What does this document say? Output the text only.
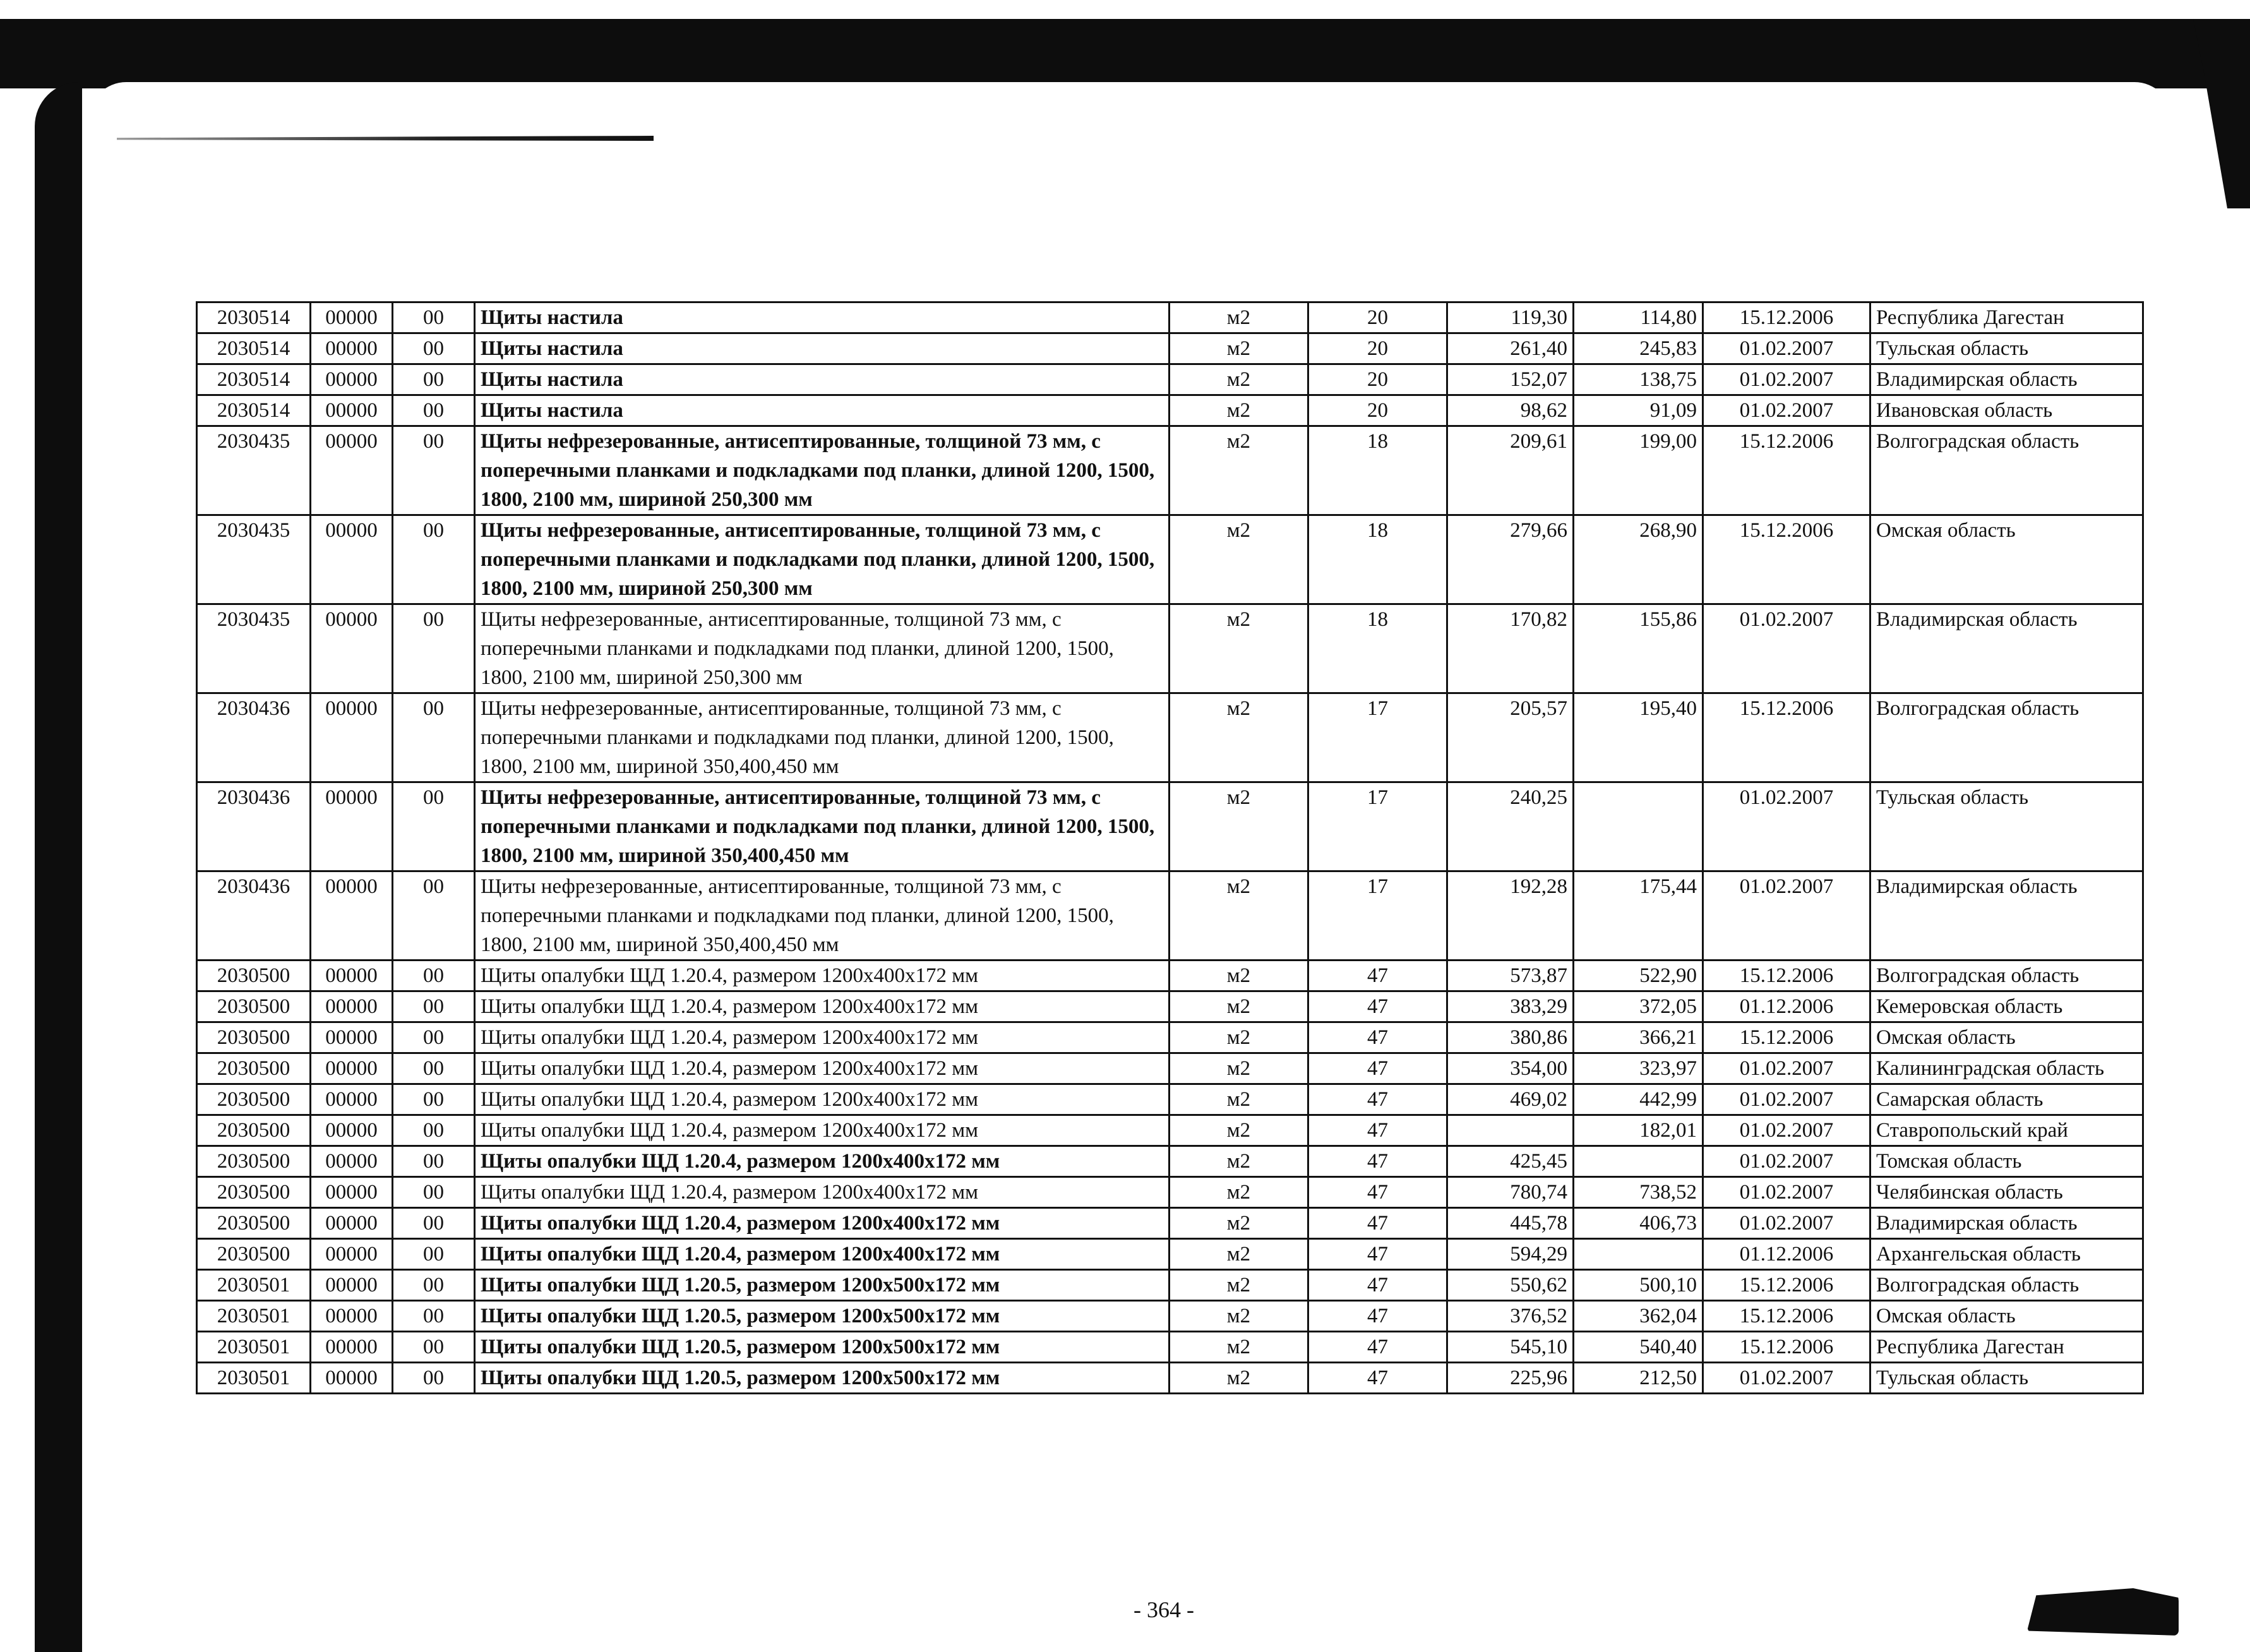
2030514	00000	00	Щиты настила	м2	20	119,30	114,80	15.12.2006	Республика Дагестан
2030514	00000	00	Щиты настила	м2	20	261,40	245,83	01.02.2007	Тульская область
2030514	00000	00	Щиты настила	м2	20	152,07	138,75	01.02.2007	Владимирская область
2030514	00000	00	Щиты настила	м2	20	98,62	91,09	01.02.2007	Ивановская область
2030435	00000	00	Щиты нефрезерованные, антисептированные, толщиной 73 мм, с поперечными планками и подкладками под планки, длиной 1200, 1500, 1800, 2100 мм, шириной 250,300 мм	м2	18	209,61	199,00	15.12.2006	Волгоградская область
2030435	00000	00	Щиты нефрезерованные, антисептированные, толщиной 73 мм, с поперечными планками и подкладками под планки, длиной 1200, 1500, 1800, 2100 мм, шириной 250,300 мм	м2	18	279,66	268,90	15.12.2006	Омская область
2030435	00000	00	Щиты нефрезерованные, антисептированные, толщиной 73 мм, с поперечными планками и подкладками под планки, длиной 1200, 1500, 1800, 2100 мм, шириной 250,300 мм	м2	18	170,82	155,86	01.02.2007	Владимирская область
2030436	00000	00	Щиты нефрезерованные, антисептированные, толщиной 73 мм, с поперечными планками и подкладками под планки, длиной 1200, 1500, 1800, 2100 мм, шириной 350,400,450 мм	м2	17	205,57	195,40	15.12.2006	Волгоградская область
2030436	00000	00	Щиты нефрезерованные, антисептированные, толщиной 73 мм, с поперечными планками и подкладками под планки, длиной 1200, 1500, 1800, 2100 мм, шириной 350,400,450 мм	м2	17	240,25		01.02.2007	Тульская область
2030436	00000	00	Щиты нефрезерованные, антисептированные, толщиной 73 мм, с поперечными планками и подкладками под планки, длиной 1200, 1500, 1800, 2100 мм, шириной 350,400,450 мм	м2	17	192,28	175,44	01.02.2007	Владимирская область
2030500	00000	00	Щиты опалубки ЩД 1.20.4, размером 1200х400х172 мм	м2	47	573,87	522,90	15.12.2006	Волгоградская область
2030500	00000	00	Щиты опалубки ЩД 1.20.4, размером 1200х400х172 мм	м2	47	383,29	372,05	01.12.2006	Кемеровская область
2030500	00000	00	Щиты опалубки ЩД 1.20.4, размером 1200х400х172 мм	м2	47	380,86	366,21	15.12.2006	Омская область
2030500	00000	00	Щиты опалубки ЩД 1.20.4, размером 1200х400х172 мм	м2	47	354,00	323,97	01.02.2007	Калининградская область
2030500	00000	00	Щиты опалубки ЩД 1.20.4, размером 1200х400х172 мм	м2	47	469,02	442,99	01.02.2007	Самарская область
2030500	00000	00	Щиты опалубки ЩД 1.20.4, размером 1200х400х172 мм	м2	47		182,01	01.02.2007	Ставропольский край
2030500	00000	00	Щиты опалубки ЩД 1.20.4, размером 1200х400х172 мм	м2	47	425,45		01.02.2007	Томская область
2030500	00000	00	Щиты опалубки ЩД 1.20.4, размером 1200х400х172 мм	м2	47	780,74	738,52	01.02.2007	Челябинская область
2030500	00000	00	Щиты опалубки ЩД 1.20.4, размером 1200х400х172 мм	м2	47	445,78	406,73	01.02.2007	Владимирская область
2030500	00000	00	Щиты опалубки ЩД 1.20.4, размером 1200х400х172 мм	м2	47	594,29		01.12.2006	Архангельская область
2030501	00000	00	Щиты опалубки ЩД 1.20.5, размером 1200х500х172 мм	м2	47	550,62	500,10	15.12.2006	Волгоградская область
2030501	00000	00	Щиты опалубки ЩД 1.20.5, размером 1200х500х172 мм	м2	47	376,52	362,04	15.12.2006	Омская область
2030501	00000	00	Щиты опалубки ЩД 1.20.5, размером 1200х500х172 мм	м2	47	545,10	540,40	15.12.2006	Республика Дагестан
2030501	00000	00	Щиты опалубки ЩД 1.20.5, размером 1200х500х172 мм	м2	47	225,96	212,50	01.02.2007	Тульская область
- 364 -
